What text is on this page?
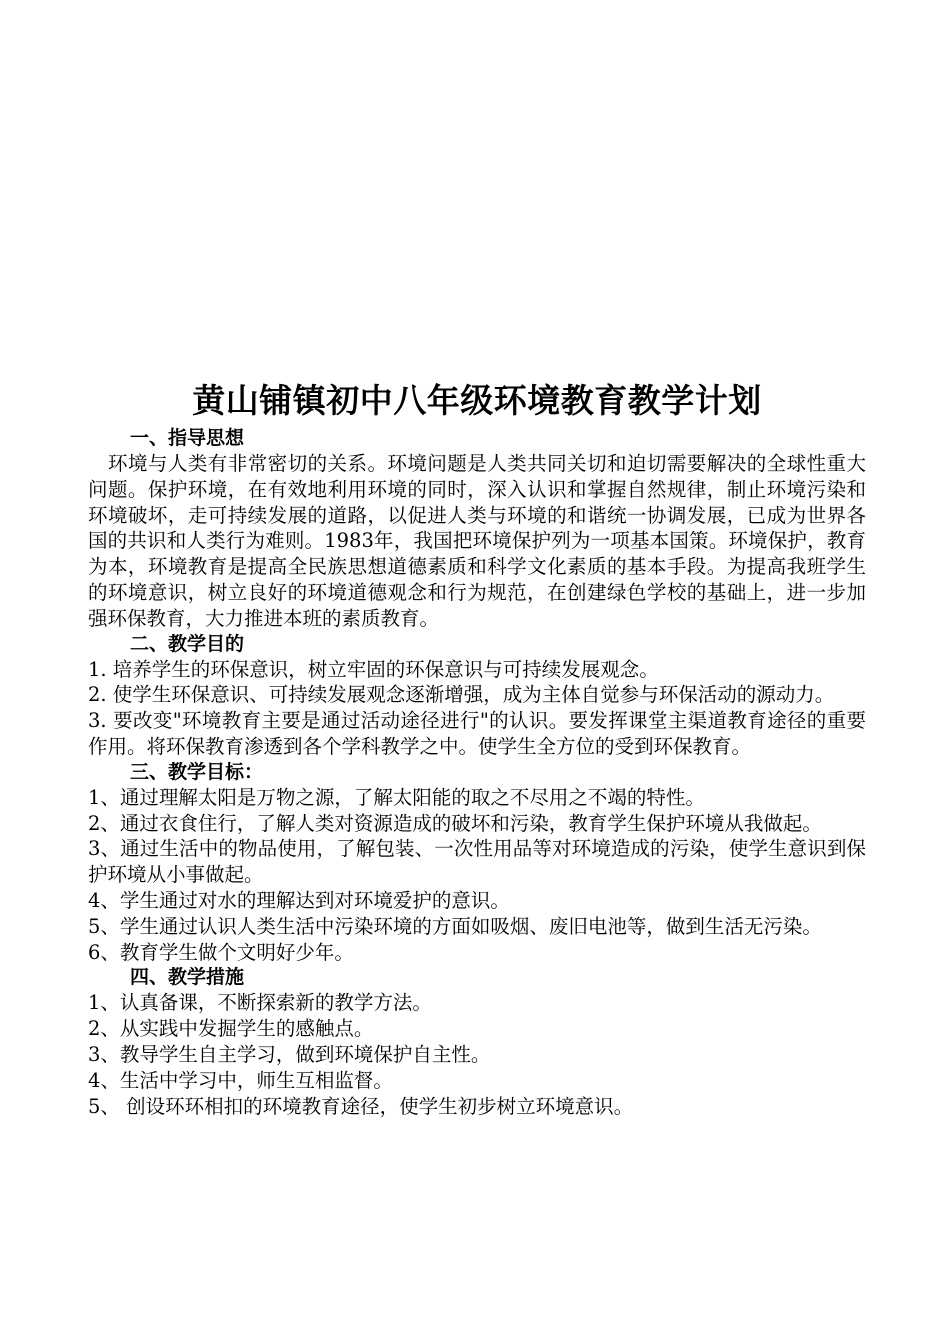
黄山铺镇初中八年级环境教育教学计划

一、指导思想

环境与人类有非常密切的关系。环境问题是人类共同关切和迫切需要解决的全球性重大问题。保护环境，在有效地利用环境的同时，深入认识和掌握自然规律，制止环境污染和环境破坏，走可持续发展的道路，以促进人类与环境的和谐统一协调发展，已成为世界各国的共识和人类行为难则。1983年，我国把环境保护列为一项基本国策。环境保护，教育为本，环境教育是提高全民族思想道德素质和科学文化素质的基本手段。为提高我班学生的环境意识，树立良好的环境道德观念和行为规范，在创建绿色学校的基础上，进一步加强环保教育，大力推进本班的素质教育。

二、教学目的

1. 培养学生的环保意识，树立牢固的环保意识与可持续发展观念。

2. 使学生环保意识、可持续发展观念逐渐增强，成为主体自觉参与环保活动的源动力。

3. 要改变"环境教育主要是通过活动途径进行"的认识。要发挥课堂主渠道教育途径的重要作用。将环保教育渗透到各个学科教学之中。使学生全方位的受到环保教育。

三、教学目标：

1、通过理解太阳是万物之源，了解太阳能的取之不尽用之不竭的特性。

2、通过衣食住行，了解人类对资源造成的破坏和污染，教育学生保护环境从我做起。

3、通过生活中的物品使用，了解包装、一次性用品等对环境造成的污染，使学生意识到保护环境从小事做起。

4、学生通过对水的理解达到对环境爱护的意识。

5、学生通过认识人类生活中污染环境的方面如吸烟、废旧电池等，做到生活无污染。

6、教育学生做个文明好少年。

四、教学措施

1、认真备课，不断探索新的教学方法。

2、从实践中发掘学生的感触点。

3、教导学生自主学习，做到环境保护自主性。

4、生活中学习中，师生互相监督。

5、 创设环环相扣的环境教育途径，使学生初步树立环境意识。
